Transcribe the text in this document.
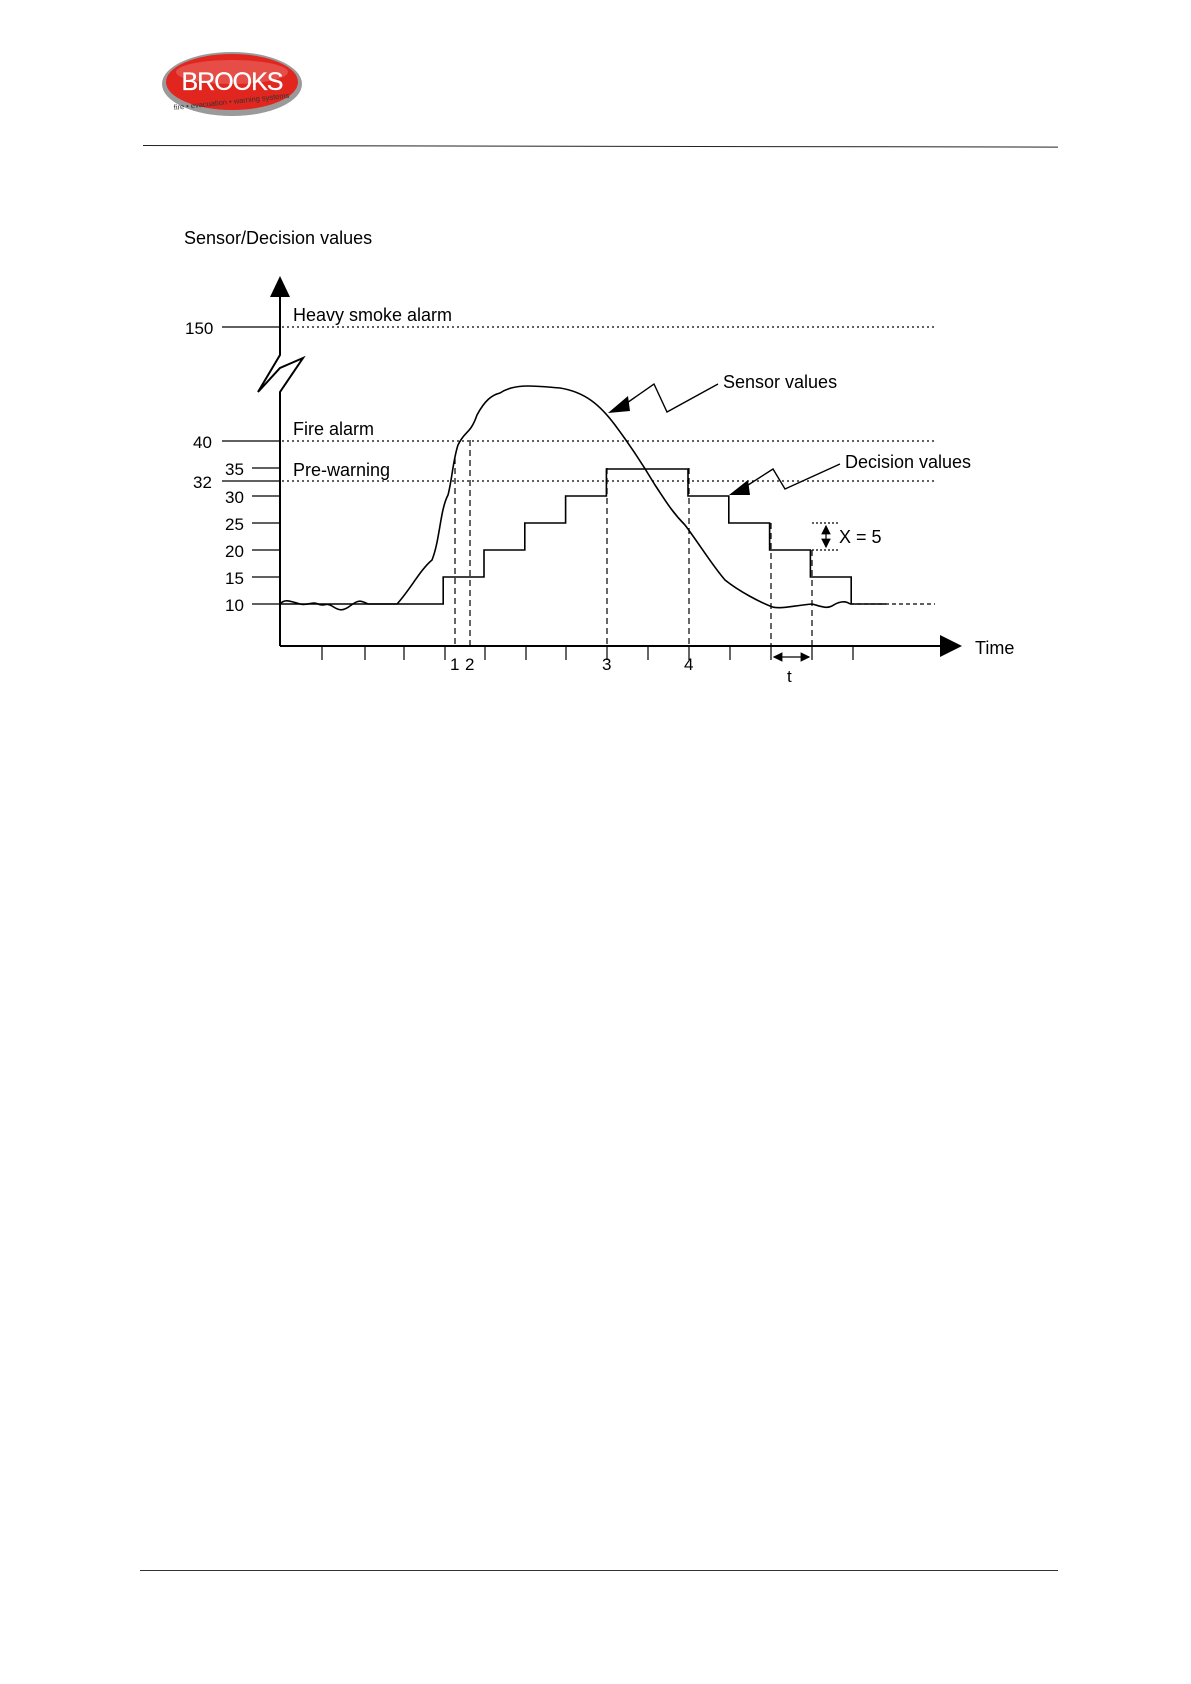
BROOKS
fire • evacuation • warning systems
Sensor/Decision values
Time
150
40
35
32
30
25
20
15
10
Heavy smoke alarm
Fire alarm
Pre-warning
1 2	3	4
t
Sensor values
Decision values
X = 5
